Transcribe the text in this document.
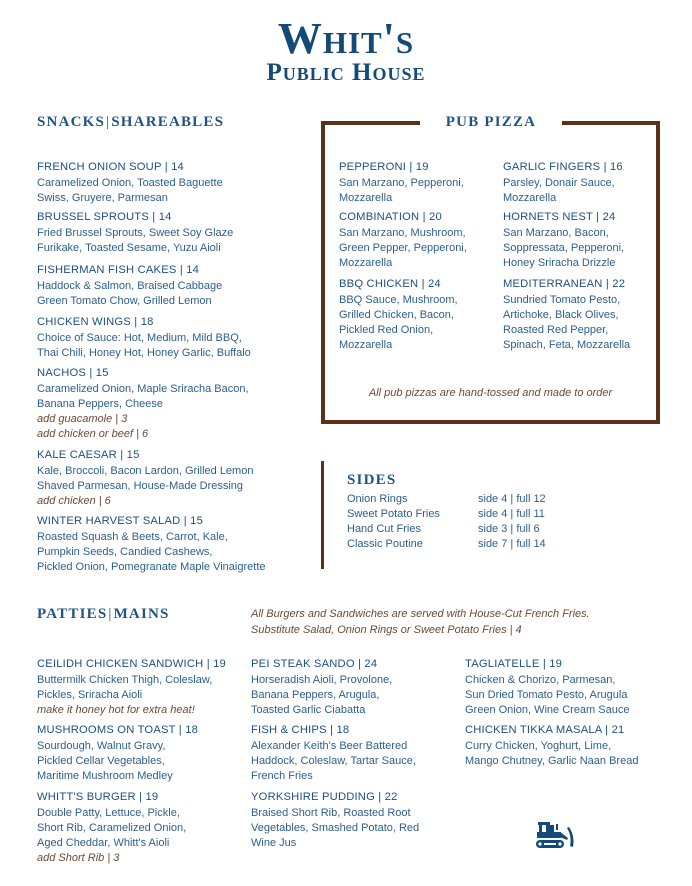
Whit's
Public House
SNACKS|SHAREABLES
FRENCH ONION SOUP | 14
Caramelized Onion, Toasted Baguette
Swiss, Gruyere, Parmesan
BRUSSEL SPROUTS | 14
Fried Brussel Sprouts, Sweet Soy Glaze
Furikake, Toasted Sesame, Yuzu Aioli
FISHERMAN FISH CAKES | 14
Haddock & Salmon, Braised Cabbage
Green Tomato Chow, Grilled Lemon
CHICKEN WINGS | 18
Choice of Sauce: Hot, Medium, Mild BBQ,
Thai Chili, Honey Hot, Honey Garlic, Buffalo
NACHOS | 15
Caramelized Onion, Maple Sriracha Bacon,
Banana Peppers, Cheese
add guacamole | 3
add chicken or beef | 6
KALE CAESAR | 15
Kale, Broccoli, Bacon Lardon, Grilled Lemon
Shaved Parmesan, House-Made Dressing
add chicken | 6
WINTER HARVEST SALAD | 15
Roasted Squash & Beets, Carrot, Kale,
Pumpkin Seeds, Candied Cashews,
Pickled Onion, Pomegranate Maple Vinaigrette
PUB PIZZA
PEPPERONI | 19
San Marzano, Pepperoni,
Mozzarella
GARLIC FINGERS | 16
Parsley, Donair Sauce,
Mozzarella
COMBINATION | 20
San Marzano, Mushroom,
Green Pepper, Pepperoni,
Mozzarella
HORNETS NEST | 24
San Marzano, Bacon,
Soppressata, Pepperoni,
Honey Sriracha Drizzle
BBQ CHICKEN | 24
BBQ Sauce, Mushroom,
Grilled Chicken, Bacon,
Pickled Red Onion,
Mozzarella
MEDITERRANEAN | 22
Sundried Tomato Pesto,
Artichoke, Black Olives,
Roasted Red Pepper,
Spinach, Feta, Mozzarella
All pub pizzas are hand-tossed and made to order
SIDES
Onion Rings	side 4 | full 12
Sweet Potato Fries	side 4 | full 11
Hand Cut Fries	side 3 | full 6
Classic Poutine	side 7 | full 14
PATTIES|MAINS	All Burgers and Sandwiches are served with House-Cut French Fries.
Substitute Salad, Onion Rings or Sweet Potato Fries | 4
CEILIDH CHICKEN SANDWICH | 19
Buttermilk Chicken Thigh, Coleslaw,
Pickles, Sriracha Aioli
make it honey hot for extra heat!
MUSHROOMS ON TOAST | 18
Sourdough, Walnut Gravy,
Pickled Cellar Vegetables,
Maritime Mushroom Medley
WHITT'S BURGER | 19
Double Patty, Lettuce, Pickle,
Short Rib, Caramelized Onion,
Aged Cheddar, Whitt's Aioli
add Short Rib | 3
PEI STEAK SANDO | 24
Horseradish Aioli, Provolone,
Banana Peppers, Arugula,
Toasted Garlic Ciabatta
FISH & CHIPS | 18
Alexander Keith's Beer Battered
Haddock, Coleslaw, Tartar Sauce,
French Fries
YORKSHIRE PUDDING | 22
Braised Short Rib, Roasted Root
Vegetables, Smashed Potato, Red
Wine Jus
TAGLIATELLE | 19
Chicken & Chorizo, Parmesan,
Sun Dried Tomato Pesto, Arugula
Green Onion, Wine Cream Sauce
CHICKEN TIKKA MASALA | 21
Curry Chicken, Yoghurt, Lime,
Mango Chutney, Garlic Naan Bread
